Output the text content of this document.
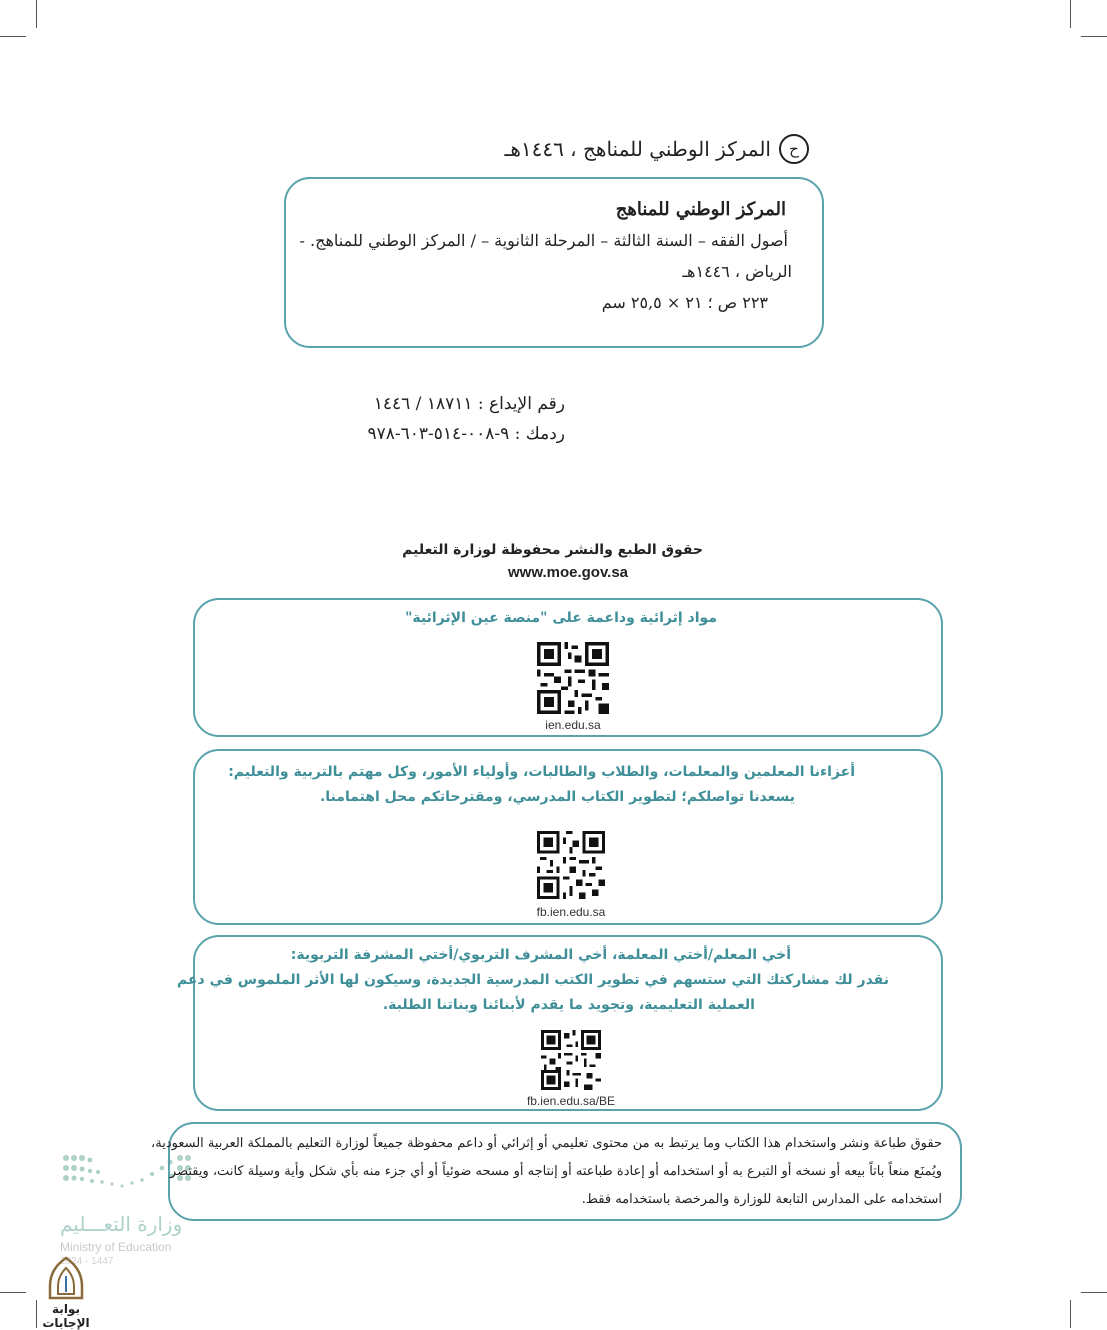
ح
المركز الوطني للمناهج ، ١٤٤٦هـ
المركز الوطني للمناهج
أصول الفقه – السنة الثالثة – المرحلة الثانوية – / المركز الوطني للمناهج. -
الرياض ، ١٤٤٦هـ
٢٢٣ ص ؛ ٢١ × ٢٥,٥ سم
رقم الإيداع : ١٨٧١١ / ١٤٤٦
ردمك : ٩-٠٠٨-٥١٤-٦٠٣-٩٧٨
حقوق الطبع والنشر محفوظة لوزارة التعليم
www.moe.gov.sa
مواد إثرائية وداعمة على "منصة عين الإثرائية"
ien.edu.sa
أعزاءنا المعلمين والمعلمات، والطلاب والطالبات، وأولياء الأمور، وكل مهتم بالتربية والتعليم:
يسعدنا تواصلكم؛ لتطوير الكتاب المدرسي، ومقترحاتكم محل اهتمامنا.
fb.ien.edu.sa
أخي المعلم/أختي المعلمة، أخي المشرف التربوي/أختي المشرفة التربوية:
نقدر لك مشاركتك التي ستسهم في تطوير الكتب المدرسية الجديدة، وسيكون لها الأثر الملموس في دعم
العملية التعليمية، وتجويد ما يقدم لأبنائنا وبناتنا الطلبة.
fb.ien.edu.sa/BE
وزارة التعـــليم
Ministry of Education
2024 - 1447
حقوق طباعة ونشر واستخدام هذا الكتاب وما يرتبط به من محتوى تعليمي أو إثرائي أو داعم محفوظة جميعاً لوزارة التعليم بالمملكة العربية السعودية،
ويُمنَع منعاً باتاً بيعه أو نسخه أو التبرع به أو استخدامه أو إعادة طباعته أو إنتاجه أو مسحه ضوئياً أو أي جزء منه بأي شكل وأية وسيلة كانت، ويقتصر
استخدامه على المدارس التابعة للوزارة والمرخصة باستخدامه فقط.
بوابة الإجابات
